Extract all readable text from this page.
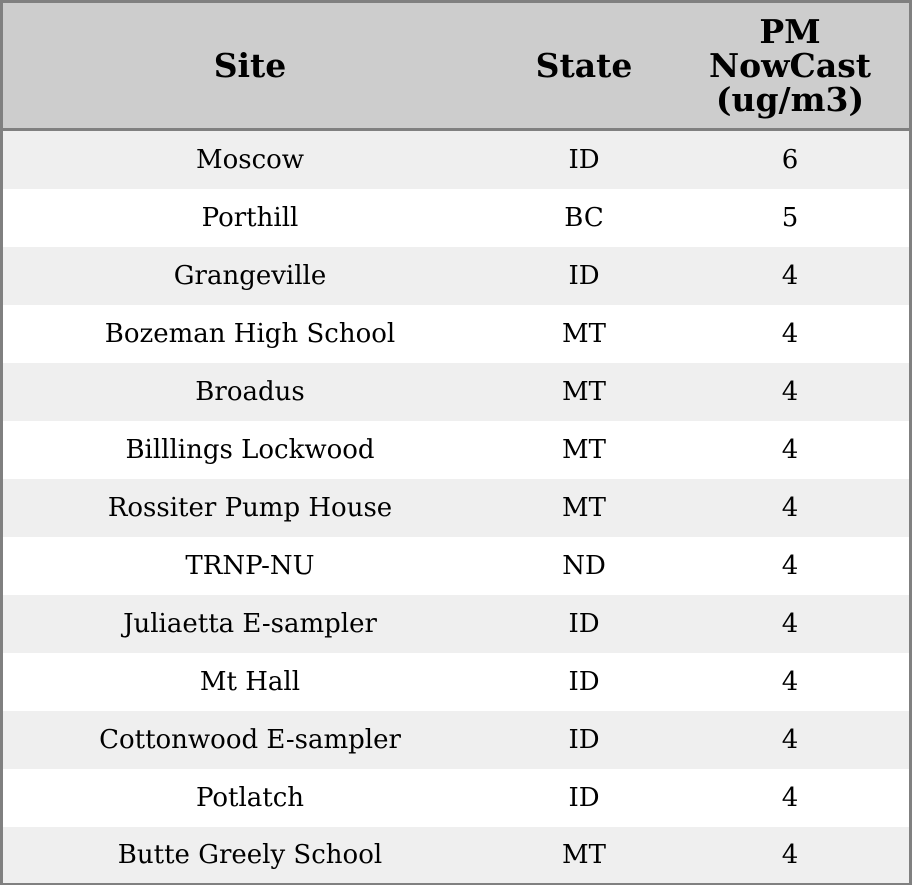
Site	State	PM
NowCast
(ug/m3)
Moscow	ID	6
Porthill	BC	5
Grangeville	ID	4
Bozeman High School	MT	4
Broadus	MT	4
Billlings Lockwood	MT	4
Rossiter Pump House	MT	4
TRNP-NU	ND	4
Juliaetta E-sampler	ID	4
Mt Hall	ID	4
Cottonwood E-sampler	ID	4
Potlatch	ID	4
Butte Greely School	MT	4
